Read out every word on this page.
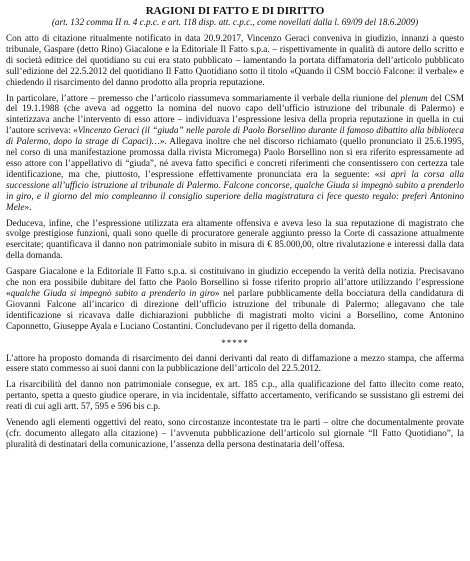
RAGIONI DI FATTO E DI DIRITTO
(art. 132 comma II n. 4 c.p.c. e art. 118 disp. att. c.p.c., come novellati dalla l. 69/09 del 18.6.2009)

Con atto di citazione ritualmente notificato in data 20.9.2017, Vincenzo Geraci conveniva in giudizio, innanzi a questo tribunale, Gaspare (detto Rino) Giacalone e la Editoriale Il Fatto s.p.a. – rispettivamente in qualità di autore dello scritto e di società editrice del quotidiano su cui era stato pubblicato – lamentando la portata diffamatoria dell’articolo pubblicato sull’edizione del 22.5.2012 del quotidiano Il Fatto Quotidiano sotto il titolo «Quando il CSM bocciò Falcone: il verbale» e chiedendo il risarcimento del danno prodotto alla propria reputazione.

In particolare, l’attore – premesso che l’articolo riassumeva sommariamente il verbale della riunione del plenum del CSM del 19.1.1988 (che aveva ad oggetto la nomina del nuovo capo dell’ufficio istruzione del tribunale di Palermo) e sintetizzava anche l’intervento di esso attore – individuava l’espressione lesiva della propria reputazione in quella in cui l’autore scriveva: «Vincenzo Geraci (il “giuda” nelle parole di Paolo Borsellino durante il famoso dibattito alla biblioteca di Palermo, dopo la strage di Capaci)…». Allegava inoltre che nel discorso richiamato (quello pronunciato il 25.6.1995, nel corso di una manifestazione promossa dalla rivista Micromega) Paolo Borsellino non si era riferito espressamente ad esso attore con l’appellativo di “giuda”, né aveva fatto specifici e concreti riferimenti che consentissero con certezza tale identificazione, ma che, piuttosto, l’espressione effettivamente pronunciata era la seguente: «si aprì la corsa alla successione all’ufficio istruzione al tribunale di Palermo. Falcone concorse, qualche Giuda si impegnò subito a prenderlo in giro, e il giorno del mio compleanno il consiglio superiore della magistratura ci fece questo regalo: preferì Antonino Mele».

Deduceva, infine, che l’espressione utilizzata era altamente offensiva e aveva leso la sua reputazione di magistrato che svolge prestigiose funzioni, quali sono quelle di procuratore generale aggiunto presso la Corte di cassazione attualmente esercitate; quantificava il danno non patrimoniale subito in misura di € 85.000,00, oltre rivalutazione e interessi dalla data della domanda.

Gaspare Giacalone e la Editoriale Il Fatto s.p.a. si costituivano in giudizio eccependo la verità della notizia. Precisavano che non era possibile dubitare del fatto che Paolo Borsellino si fosse riferito proprio all’attore utilizzando l’espressione «qualche Giuda si impegnò subito a prenderlo in giro» nel parlare pubblicamente della bocciatura della candidatura di Giovanni Falcone all’incarico di direzione dell’ufficio istruzione del tribunale di Palermo; allegavano che tale identificazione si ricavava dalle dichiarazioni pubbliche di magistrati molto vicini a Borsellino, come Antonino Caponnetto, Giuseppe Ayala e Luciano Costantini. Concludevano per il rigetto della domanda.

*****

L’attore ha proposto domanda di risarcimento dei danni derivanti dal reato di diffamazione a mezzo stampa, che afferma essere stato commesso ai suoi danni con la pubblicazione dell’articolo del 22.5.2012.

La risarcibilità del danno non patrimoniale consegue, ex art. 185 c.p., alla qualificazione del fatto illecito come reato, pertanto, spetta a questo giudice operare, in via incidentale, siffatto accertamento, verificando se sussistano gli estremi dei reati di cui agli artt. 57, 595 e 596 bis c.p.

Venendo agli elementi oggettivi del reato, sono circostanze incontestate tra le parti – oltre che documentalmente provate (cfr. documento allegato alla citazione) – l’avvenuta pubblicazione dell’articolo sul giornale “Il Fatto Quotidiano”, la pluralità di destinatari della comunicazione, l’assenza della persona destinataria dell’offesa.
